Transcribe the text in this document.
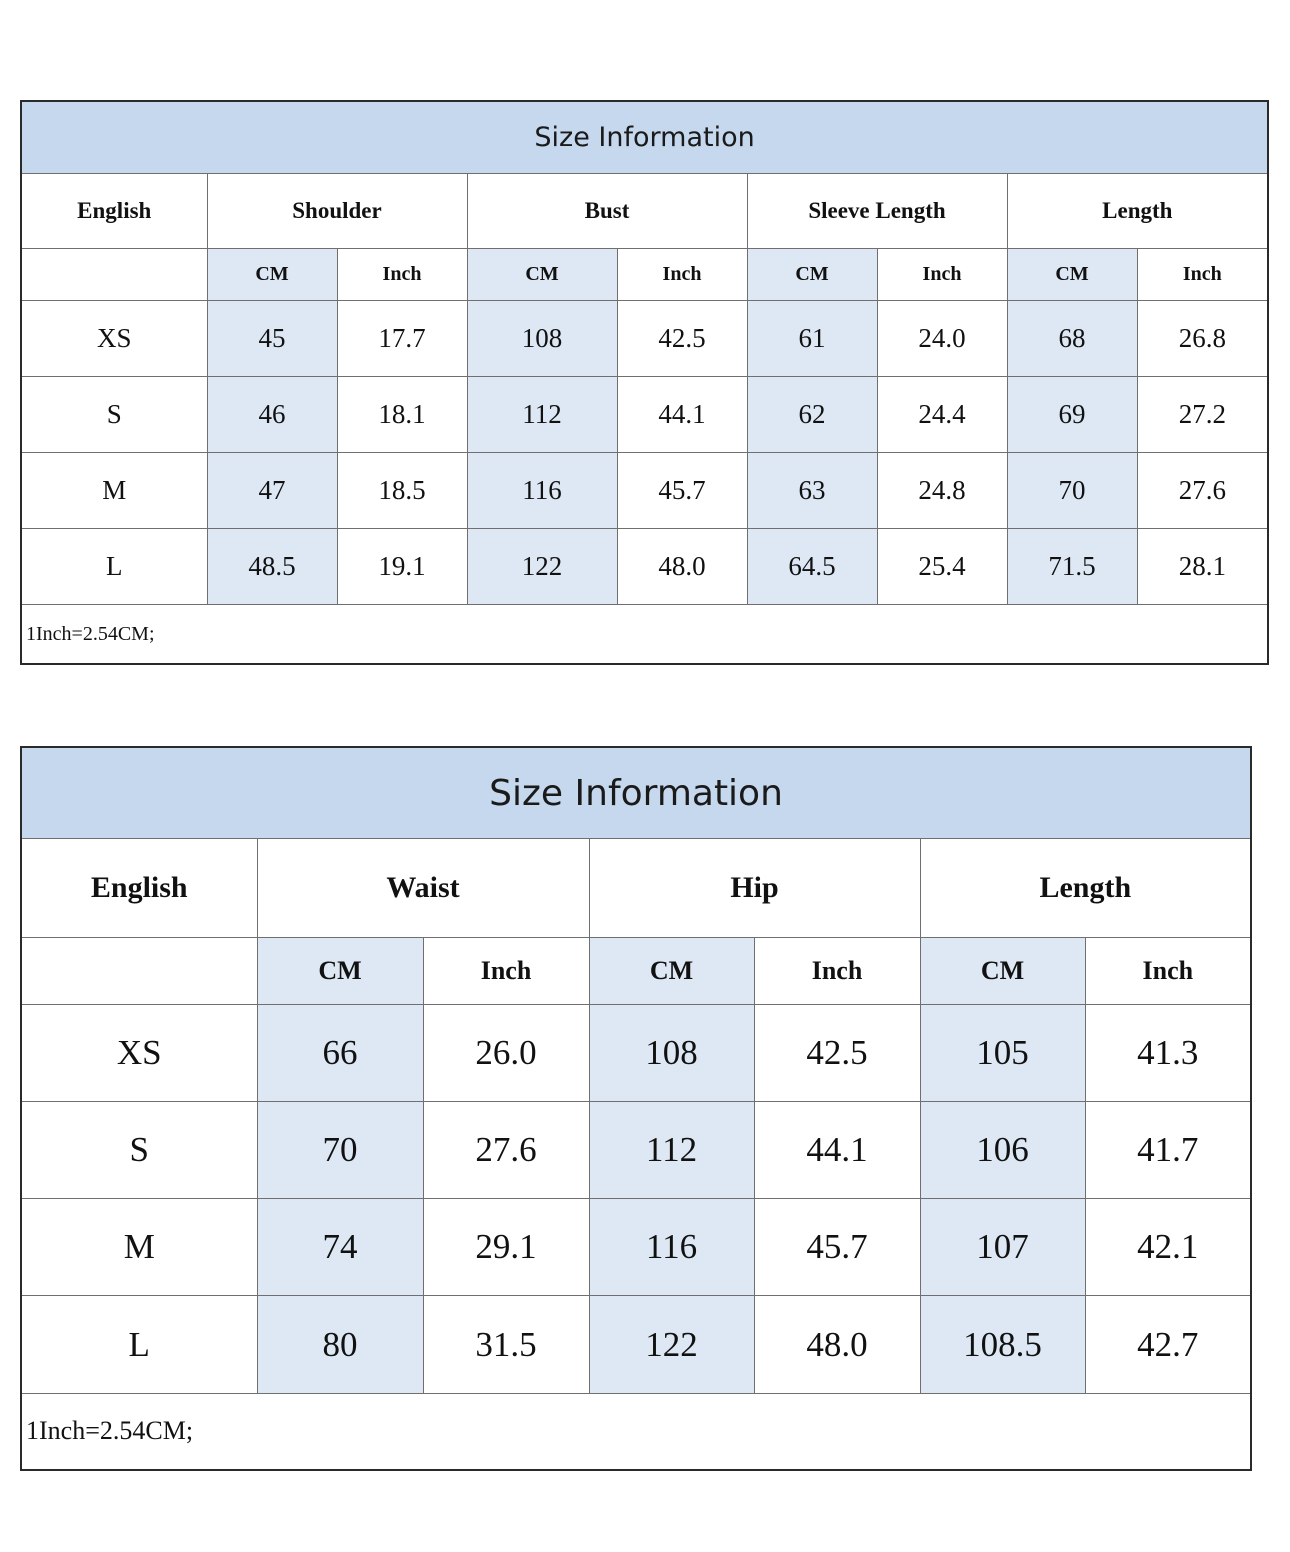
Size Information								
English	Shoulder		Bust		Sleeve Length		Length	
	CM	Inch	CM	Inch	CM	Inch	CM	Inch
XS	45	17.7	108	42.5	61	24.0	68	26.8
S	46	18.1	112	44.1	62	24.4	69	27.2
M	47	18.5	116	45.7	63	24.8	70	27.6
L	48.5	19.1	122	48.0	64.5	25.4	71.5	28.1
1Inch=2.54CM;								
Size Information						
English	Waist		Hip		Length	
	CM	Inch	CM	Inch	CM	Inch
XS	66	26.0	108	42.5	105	41.3
S	70	27.6	112	44.1	106	41.7
M	74	29.1	116	45.7	107	42.1
L	80	31.5	122	48.0	108.5	42.7
1Inch=2.54CM;						
